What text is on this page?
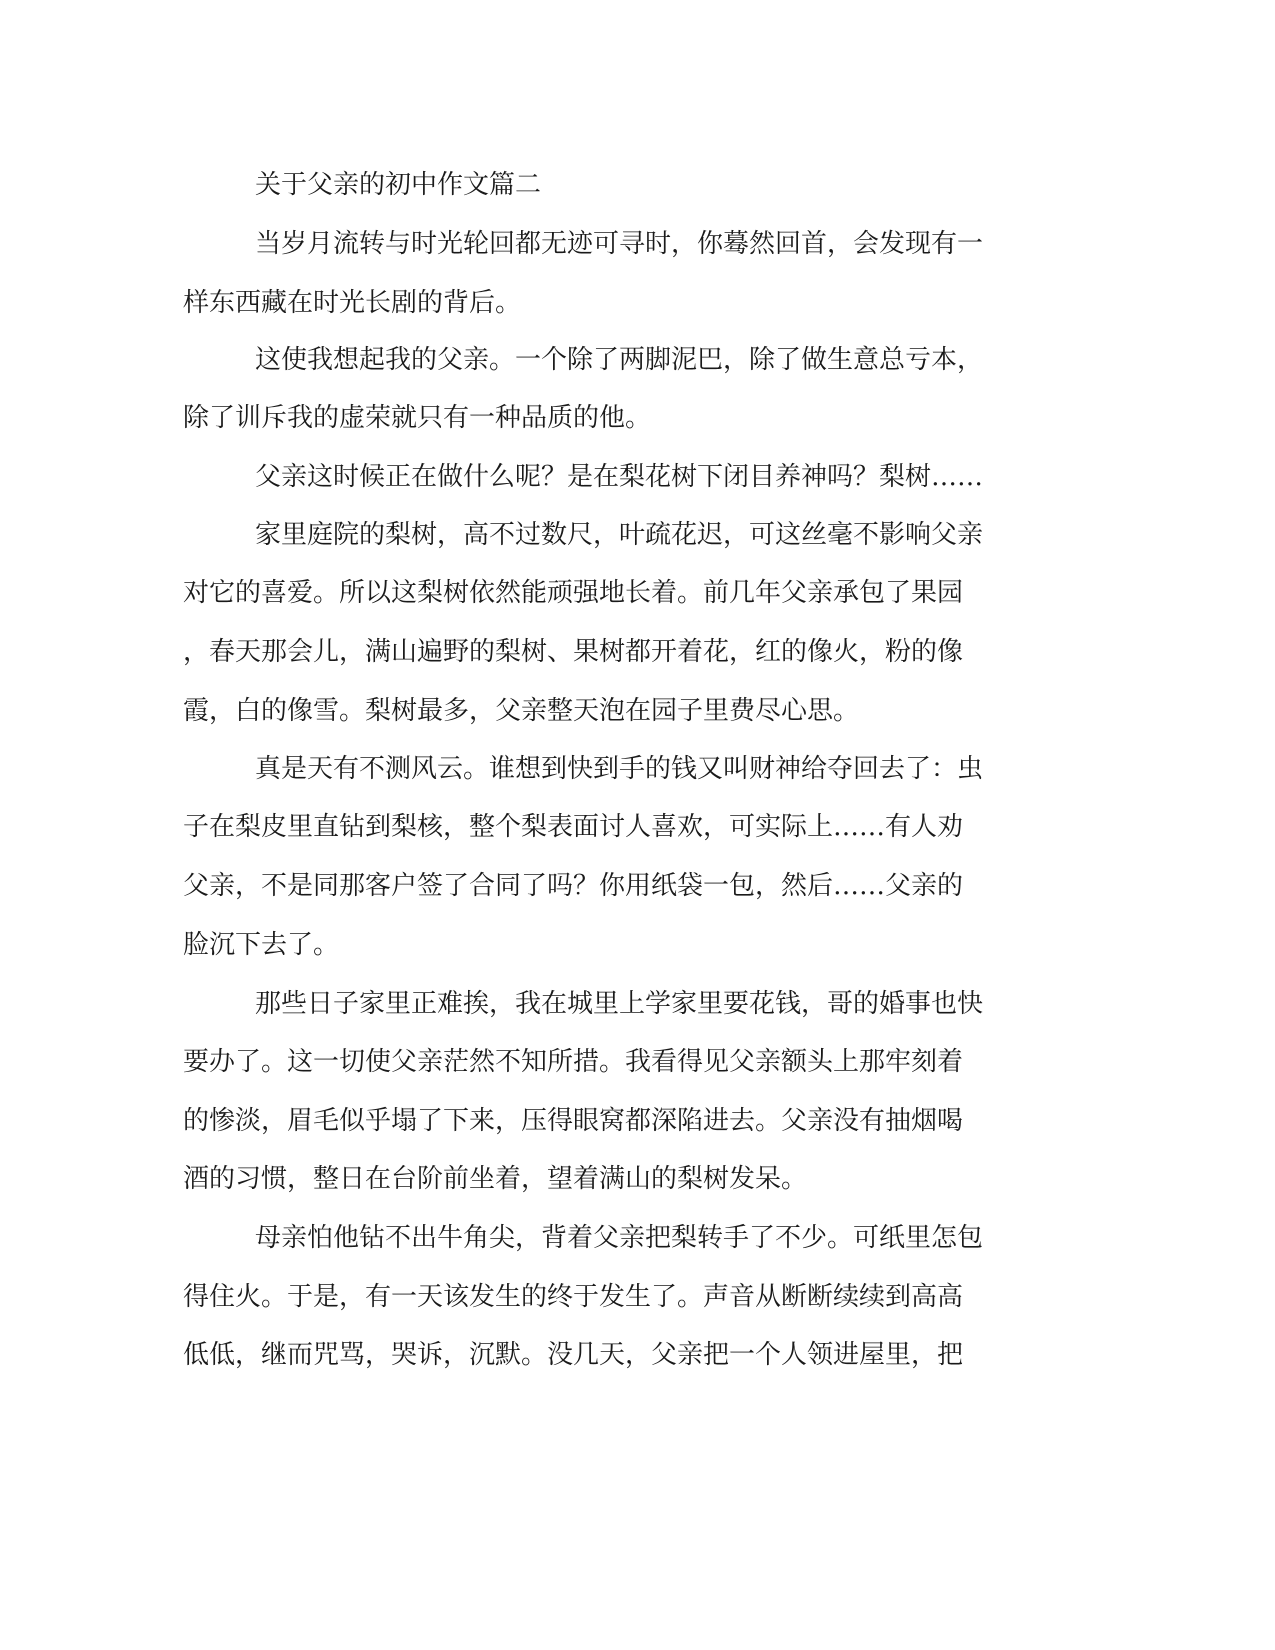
关于父亲的初中作文篇二

当岁月流转与时光轮回都无迹可寻时，你蓦然回首，会发现有一

样东西藏在时光长剧的背后。

这使我想起我的父亲。一个除了两脚泥巴，除了做生意总亏本，

除了训斥我的虚荣就只有一种品质的他。

父亲这时候正在做什么呢？是在梨花树下闭目养神吗？梨树……

家里庭院的梨树，高不过数尺，叶疏花迟，可这丝毫不影响父亲

对它的喜爱。所以这梨树依然能顽强地长着。前几年父亲承包了果园

，春天那会儿，满山遍野的梨树、果树都开着花，红的像火，粉的像

霞，白的像雪。梨树最多，父亲整天泡在园子里费尽心思。

真是天有不测风云。谁想到快到手的钱又叫财神给夺回去了：虫

子在梨皮里直钻到梨核，整个梨表面讨人喜欢，可实际上……有人劝

父亲，不是同那客户签了合同了吗？你用纸袋一包，然后……父亲的

脸沉下去了。

那些日子家里正难挨，我在城里上学家里要花钱，哥的婚事也快

要办了。这一切使父亲茫然不知所措。我看得见父亲额头上那牢刻着

的惨淡，眉毛似乎塌了下来，压得眼窝都深陷进去。父亲没有抽烟喝

酒的习惯，整日在台阶前坐着，望着满山的梨树发呆。

母亲怕他钻不出牛角尖，背着父亲把梨转手了不少。可纸里怎包

得住火。于是，有一天该发生的终于发生了。声音从断断续续到高高

低低，继而咒骂，哭诉，沉默。没几天，父亲把一个人领进屋里，把
